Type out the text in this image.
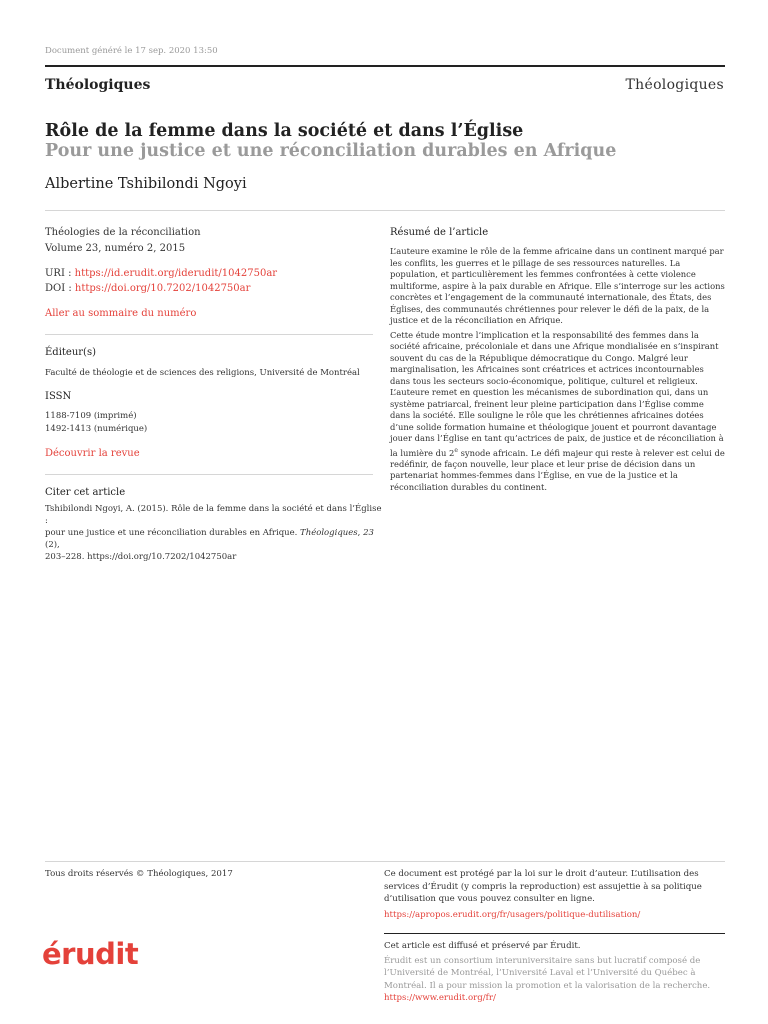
Document généré le 17 sep. 2020 13:50
Théologiques	Théologiques
Rôle de la femme dans la société et dans l’Église
Pour une justice et une réconciliation durables en Afrique
Albertine Tshibilondi Ngoyi
Théologies de la réconciliation
Volume 23, numéro 2, 2015
URI : https://id.erudit.org/iderudit/1042750ar
DOI : https://doi.org/10.7202/1042750ar
Aller au sommaire du numéro
Éditeur(s)
Faculté de théologie et de sciences des religions, Université de Montréal
ISSN
1188-7109 (imprimé)
1492-1413 (numérique)
Découvrir la revue
Citer cet article
Tshibilondi Ngoyi, A. (2015). Rôle de la femme dans la société et dans l’Église :
pour une justice et une réconciliation durables en Afrique. Théologiques, 23 (2),
203–228. https://doi.org/10.7202/1042750ar
Résumé de l’article

L’auteure examine le rôle de la femme africaine dans un continent marqué par les conflits, les guerres et le pillage de ses ressources naturelles. La population, et particulièrement les femmes confrontées à cette violence multiforme, aspire à la paix durable en Afrique. Elle s’interroge sur les actions concrètes et l’engagement de la communauté internationale, des États, des Églises, des communautés chrétiennes pour relever le défi de la paix, de la justice et de la réconciliation en Afrique.

Cette étude montre l’implication et la responsabilité des femmes dans la société africaine, précoloniale et dans une Afrique mondialisée en s’inspirant souvent du cas de la République démocratique du Congo. Malgré leur marginalisation, les Africaines sont créatrices et actrices incontournables dans tous les secteurs socio-économique, politique, culturel et religieux. L’auteure remet en question les mécanismes de subordination qui, dans un système patriarcal, freinent leur pleine participation dans l’Église comme dans la société. Elle souligne le rôle que les chrétiennes africaines dotées d’une solide formation humaine et théologique jouent et pourront davantage jouer dans l’Église en tant qu’actrices de paix, de justice et de réconciliation à la lumière du 2e synode africain. Le défi majeur qui reste à relever est celui de redéfinir, de façon nouvelle, leur place et leur prise de décision dans un partenariat hommes-femmes dans l’Église, en vue de la justice et la réconciliation durables du continent.

Tous droits réservés © Théologiques, 2017	Ce document est protégé par la loi sur le droit d’auteur. L’utilisation des services d’Érudit (y compris la reproduction) est assujettie à sa politique d’utilisation que vous pouvez consulter en ligne.
https://apropos.erudit.org/fr/usagers/politique-dutilisation/
érudit	Cet article est diffusé et préservé par Érudit.
Érudit est un consortium interuniversitaire sans but lucratif composé de l’Université de Montréal, l’Université Laval et l’Université du Québec à Montréal. Il a pour mission la promotion et la valorisation de la recherche.
https://www.erudit.org/fr/
